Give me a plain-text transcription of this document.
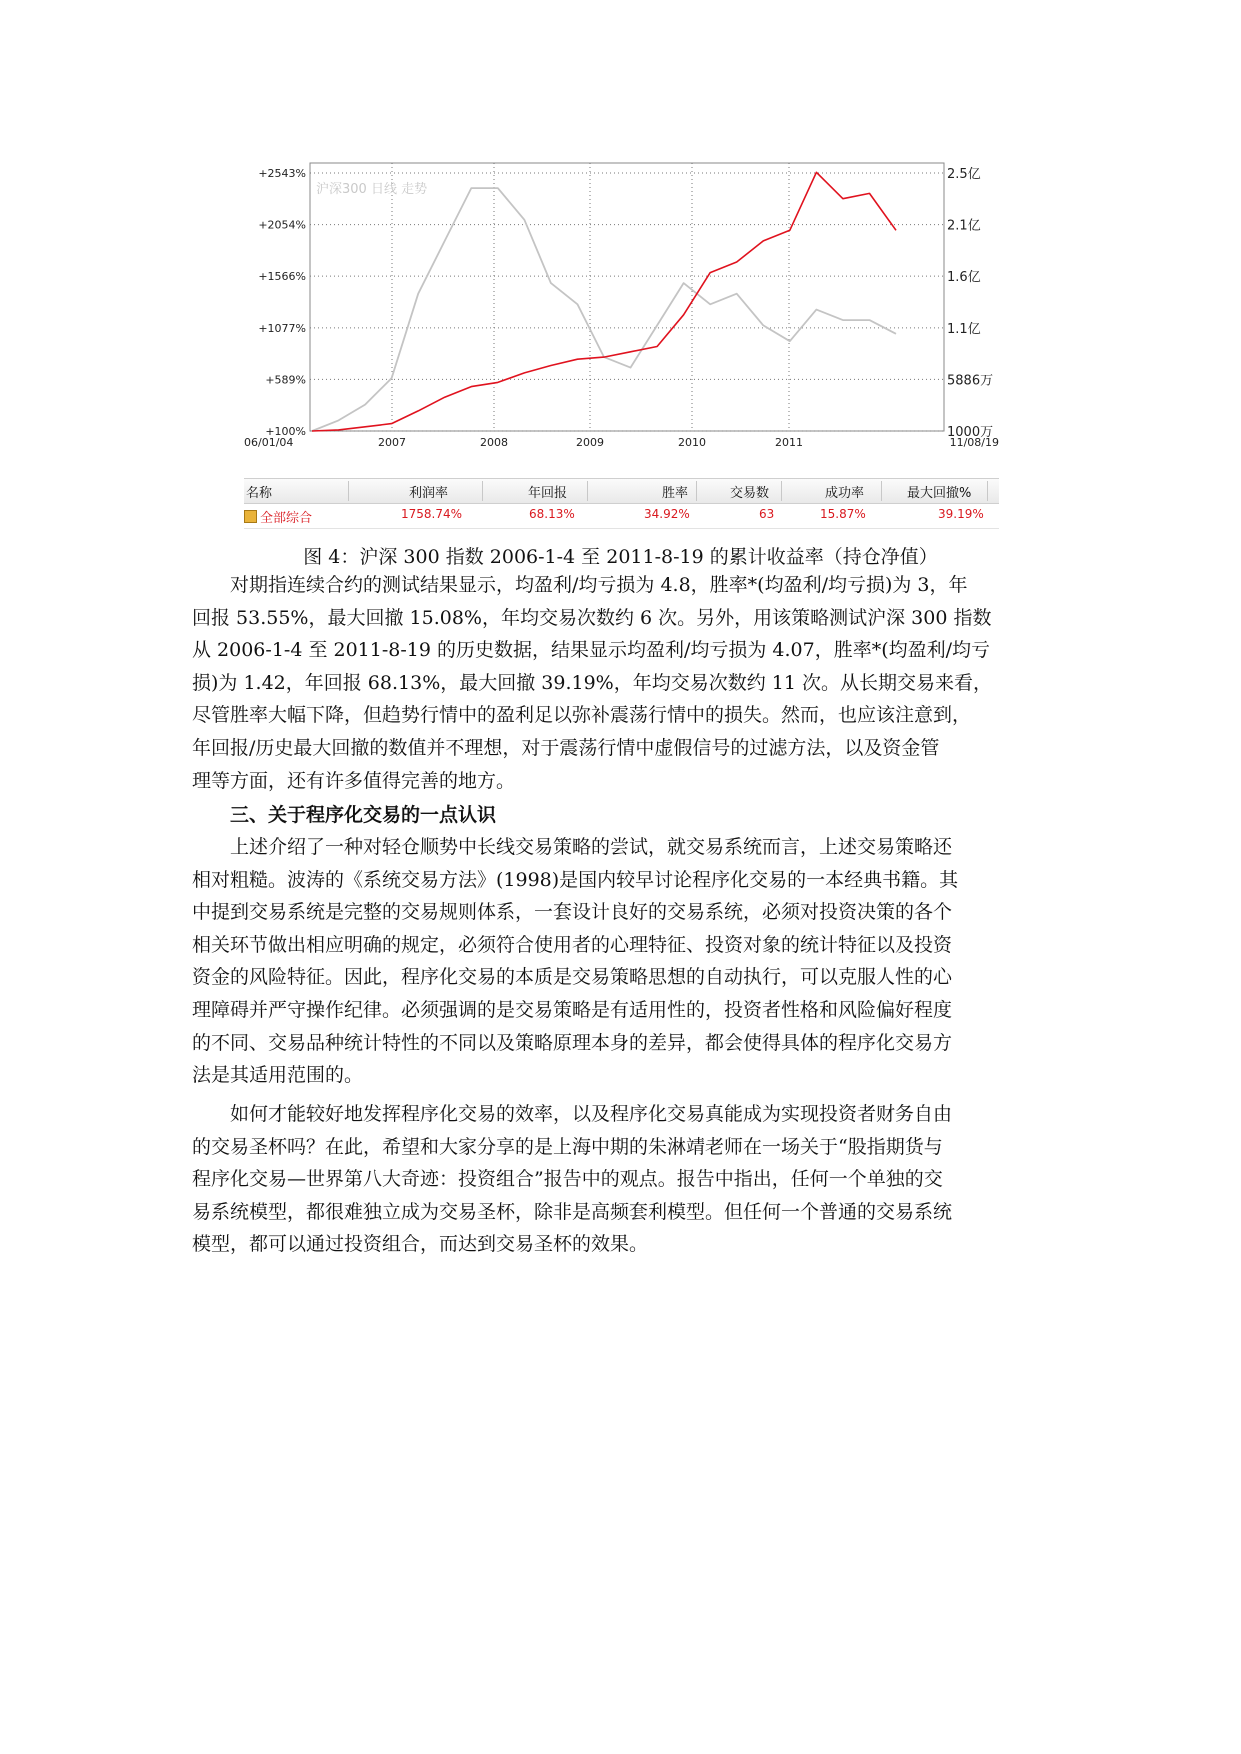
+2543%	2.5亿
+2054%	2.1亿
+1566%	1.6亿
+1077%	1.1亿
+589%	5886万
+100%	1000万
06/01/04	2007	2008	2009	2010	2011	11/08/19
沪深300 日线 走势
名称	利润率	年回报	胜率	交易数	成功率	最大回撤%
全部综合	1758.74%	68.13%	34.92%	63	15.87%	39.19%
图 4：沪深 300 指数 2006-1-4 至 2011-8-19 的累计收益率（持仓净值）
对期指连续合约的测试结果显示，均盈利/均亏损为 4.8，胜率*(均盈利/均亏损)为 3，年
回报 53.55%，最大回撤 15.08%，年均交易次数约 6 次。另外，用该策略测试沪深 300 指数
从 2006-1-4 至 2011-8-19 的历史数据，结果显示均盈利/均亏损为 4.07，胜率*(均盈利/均亏
损)为 1.42，年回报 68.13%，最大回撤 39.19%，年均交易次数约 11 次。从长期交易来看，
尽管胜率大幅下降，但趋势行情中的盈利足以弥补震荡行情中的损失。然而，也应该注意到，
年回报/历史最大回撤的数值并不理想，对于震荡行情中虚假信号的过滤方法，以及资金管
理等方面，还有许多值得完善的地方。
三、关于程序化交易的一点认识
上述介绍了一种对轻仓顺势中长线交易策略的尝试，就交易系统而言，上述交易策略还
相对粗糙。波涛的《系统交易方法》(1998)是国内较早讨论程序化交易的一本经典书籍。其
中提到交易系统是完整的交易规则体系，一套设计良好的交易系统，必须对投资决策的各个
相关环节做出相应明确的规定，必须符合使用者的心理特征、投资对象的统计特征以及投资
资金的风险特征。因此，程序化交易的本质是交易策略思想的自动执行，可以克服人性的心
理障碍并严守操作纪律。必须强调的是交易策略是有适用性的，投资者性格和风险偏好程度
的不同、交易品种统计特性的不同以及策略原理本身的差异，都会使得具体的程序化交易方
法是其适用范围的。
如何才能较好地发挥程序化交易的效率，以及程序化交易真能成为实现投资者财务自由
的交易圣杯吗？在此，希望和大家分享的是上海中期的朱淋靖老师在一场关于“股指期货与
程序化交易—世界第八大奇迹：投资组合”报告中的观点。报告中指出，任何一个单独的交
易系统模型，都很难独立成为交易圣杯，除非是高频套利模型。但任何一个普通的交易系统
模型，都可以通过投资组合，而达到交易圣杯的效果。
